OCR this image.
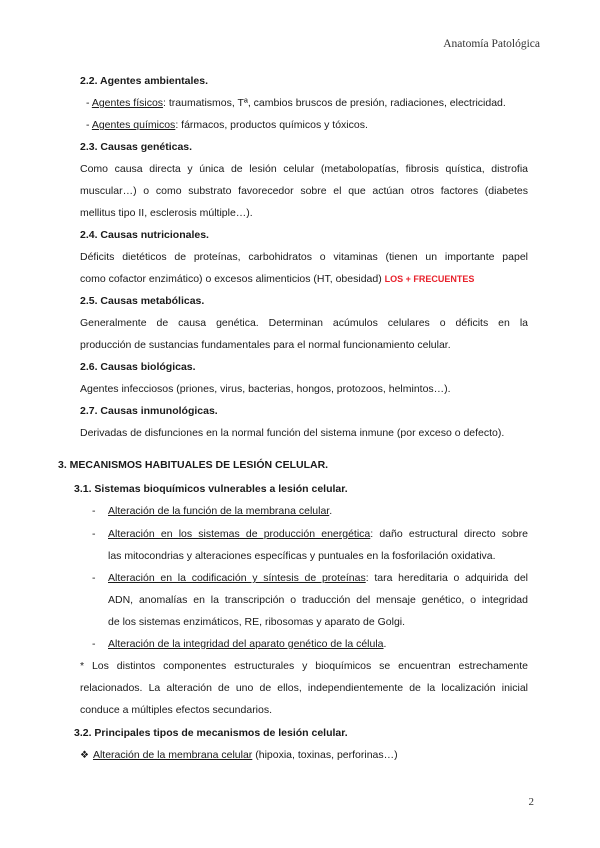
Anatomía Patológica
2.2. Agentes ambientales.
- Agentes físicos: traumatismos, Tª, cambios bruscos de presión, radiaciones, electricidad.
- Agentes químicos: fármacos, productos químicos y tóxicos.
2.3. Causas genéticas.
Como causa directa y única de lesión celular (metabolopatías, fibrosis quística, distrofia
muscular…) o como substrato favorecedor sobre el que actúan otros factores (diabetes
mellitus tipo II, esclerosis múltiple…).
2.4. Causas nutricionales.
Déficits dietéticos de proteínas, carbohidratos o vitaminas (tienen un importante papel
como cofactor enzimático) o excesos alimenticios (HT, obesidad) LOS + FRECUENTES
2.5. Causas metabólicas.
Generalmente de causa genética. Determinan acúmulos celulares o déficits en la
producción de sustancias fundamentales para el normal funcionamiento celular.
2.6. Causas biológicas.
Agentes infecciosos (priones, virus, bacterias, hongos, protozoos, helmintos…).
2.7. Causas inmunológicas.
Derivadas de disfunciones en la normal función del sistema inmune (por exceso o defecto).
3. MECANISMOS HABITUALES DE LESIÓN CELULAR.
3.1. Sistemas bioquímicos vulnerables a lesión celular.
-	Alteración de la función de la membrana celular.
-	Alteración en los sistemas de producción energética: daño estructural directo sobre
las mitocondrias y alteraciones específicas y puntuales en la fosforilación oxidativa.
-	Alteración en la codificación y síntesis de proteínas: tara hereditaria o adquirida del
ADN, anomalías en la transcripción o traducción del mensaje genético, o integridad
de los sistemas enzimáticos, RE, ribosomas y aparato de Golgi.
-	Alteración de la integridad del aparato genético de la célula.
* Los distintos componentes estructurales y bioquímicos se encuentran estrechamente
relacionados. La alteración de uno de ellos, independientemente de la localización inicial
conduce a múltiples efectos secundarios.
3.2. Principales tipos de mecanismos de lesión celular.
❖ Alteración de la membrana celular (hipoxia, toxinas, perforinas…)
2
